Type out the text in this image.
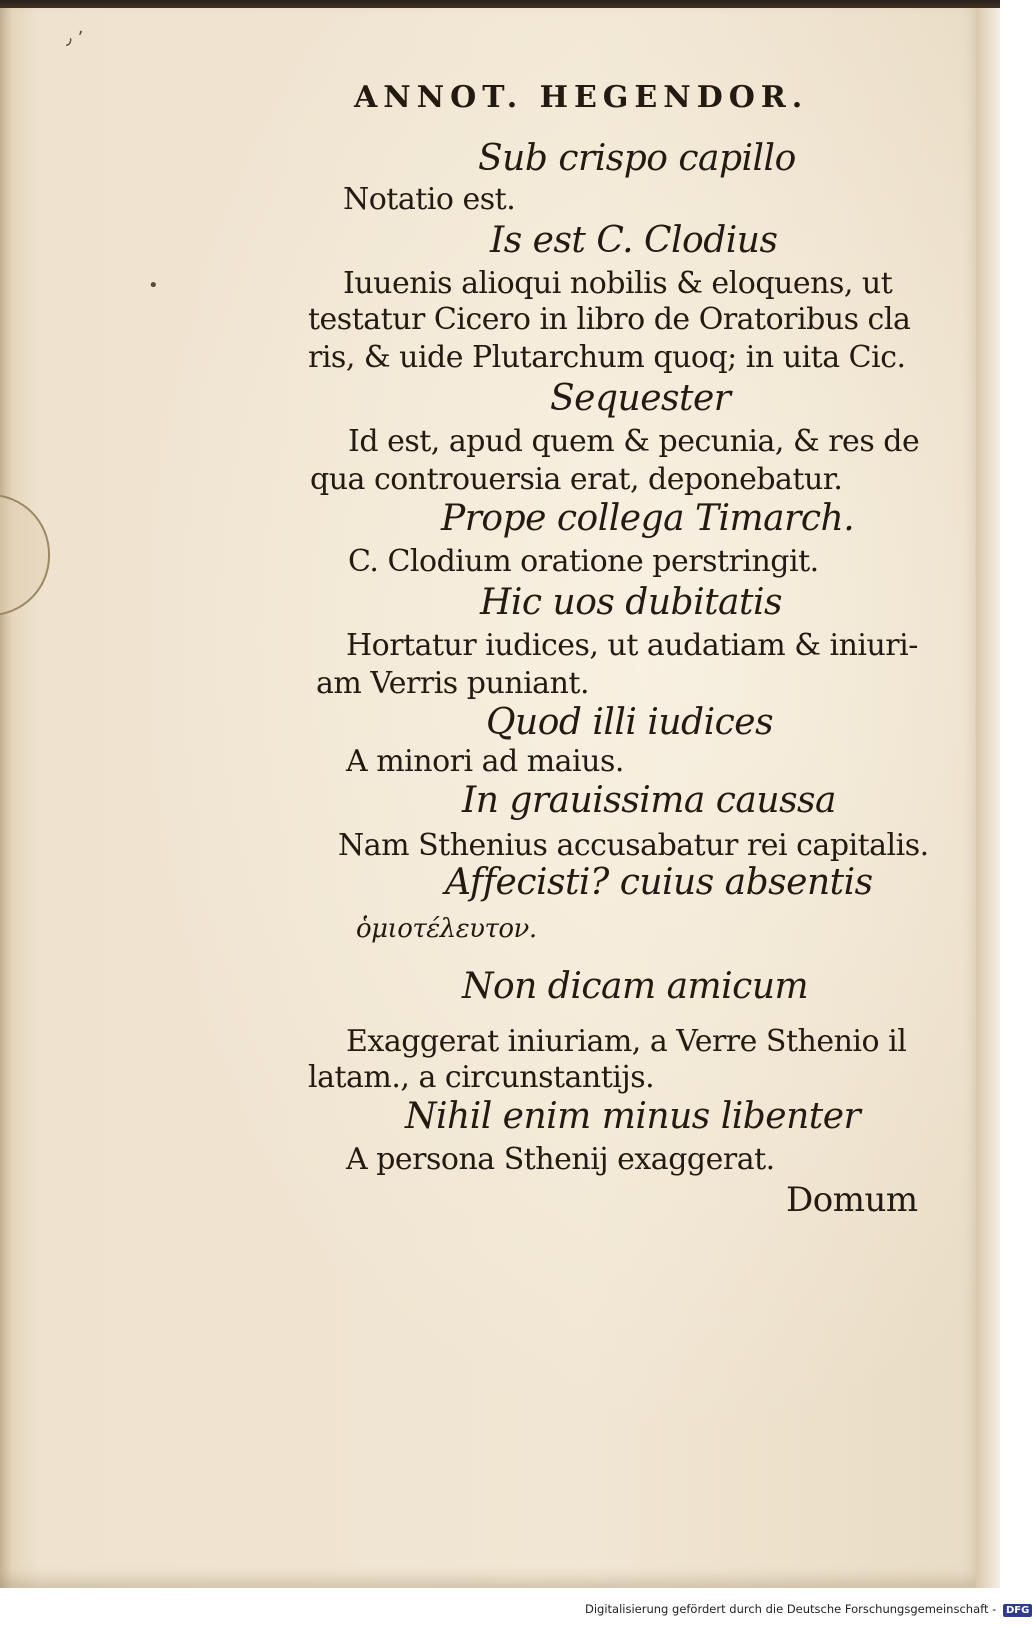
٬ ٫
•
ANNOT. HEGENDOR.
Sub crispo capillo
Notatio est.
Is est C. Clodius
Iuuenis alioqui nobilis & eloquens, ut
testatur Cicero in libro de Oratoribus cla
ris, & uide Plutarchum quoq; in uita Cic.
Sequester
Id est, apud quem & pecunia, & res de
qua controuersia erat, deponebatur.
Prope collega Timarch.
C. Clodium oratione perstringit.
Hic uos dubitatis
Hortatur iudices, ut audatiam & iniuri-
am Verris puniant.
Quod illi iudices
A minori ad maius.
In grauissima caussa
Nam Sthenius accusabatur rei capitalis.
Affecisti? cuius absentis
ὁμιοτέλευτον.
Non dicam amicum
Exaggerat iniuriam, a Verre Sthenio il
latam., a circunstantijs.
Nihil enim minus libenter
A persona Sthenij exaggerat.
Domum
Digitalisierung gefördert durch die Deutsche Forschungsgemeinschaft - DFG
